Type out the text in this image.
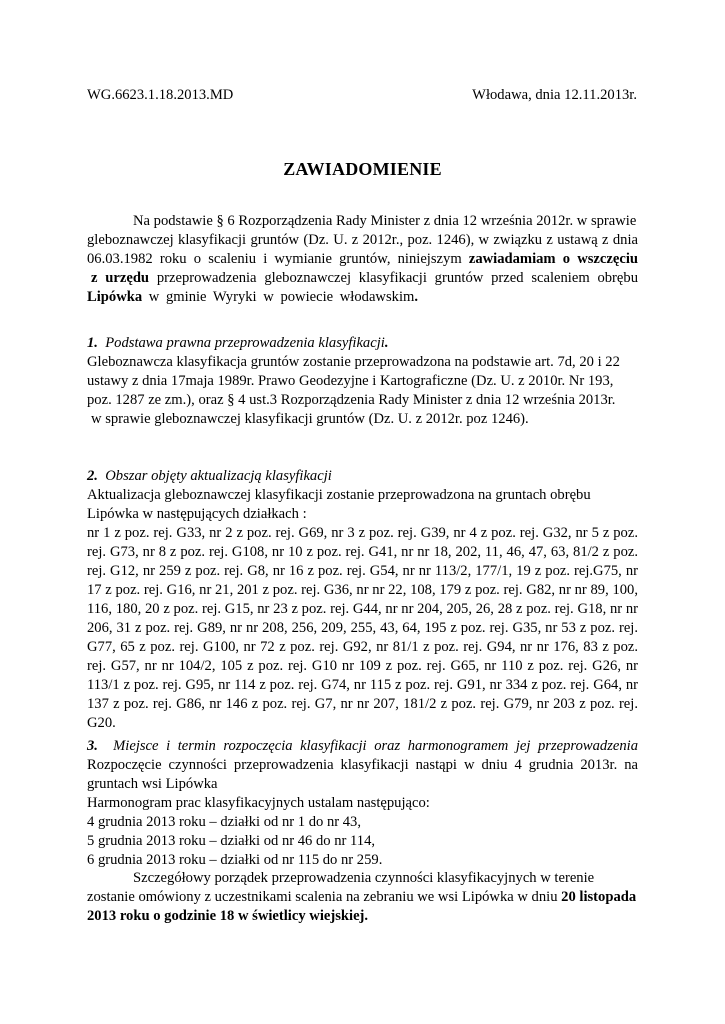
WG.6623.1.18.2013.MD	Włodawa, dnia 12.11.2013r.
ZAWIADOMIENIE
Na podstawie § 6 Rozporządzenia Rady Minister z dnia 12 września 2012r. w sprawie
gleboznawczej klasyfikacji gruntów (Dz. U. z 2012r., poz. 1246), w związku z ustawą z dnia
06.03.1982 roku o scaleniu i wymianie gruntów, niniejszym zawiadamiam o wszczęciu
z urzędu przeprowadzenia gleboznawczej klasyfikacji gruntów przed scaleniem obrębu
Lipówka w gminie Wyryki w powiecie włodawskim.
1. Podstawa prawna przeprowadzenia klasyfikacji.
Gleboznawcza klasyfikacja gruntów zostanie przeprowadzona na podstawie art. 7d, 20 i 22
ustawy z dnia 17maja 1989r. Prawo Geodezyjne i Kartograficzne (Dz. U. z 2010r. Nr 193,
poz. 1287 ze zm.), oraz § 4 ust.3 Rozporządzenia Rady Minister z dnia 12 września 2013r.
w sprawie gleboznawczej klasyfikacji gruntów (Dz. U. z 2012r. poz 1246).
2. Obszar objęty aktualizacją klasyfikacji
Aktualizacja gleboznawczej klasyfikacji zostanie przeprowadzona na gruntach obrębu
Lipówka w następujących działkach :
nr 1 z poz. rej. G33, nr 2 z poz. rej. G69, nr 3 z poz. rej. G39, nr 4 z poz. rej. G32, nr 5 z poz.
rej. G73, nr 8 z poz. rej. G108, nr 10 z poz. rej. G41, nr nr 18, 202, 11, 46, 47, 63, 81/2 z poz.
rej. G12, nr 259 z poz. rej. G8, nr 16 z poz. rej. G54, nr nr 113/2, 177/1, 19 z poz. rej.G75, nr
17 z poz. rej. G16, nr 21, 201 z poz. rej. G36, nr nr 22, 108, 179 z poz. rej. G82, nr nr 89, 100,
116, 180, 20 z poz. rej. G15, nr 23 z poz. rej. G44, nr nr 204, 205, 26, 28 z poz. rej. G18, nr nr
206, 31 z poz. rej. G89, nr nr 208, 256, 209, 255, 43, 64, 195 z poz. rej. G35, nr 53 z poz. rej.
G77, 65 z poz. rej. G100, nr 72 z poz. rej. G92, nr 81/1 z poz. rej. G94, nr nr 176, 83 z poz.
rej. G57, nr nr 104/2, 105 z poz. rej. G10 nr 109 z poz. rej. G65, nr 110 z poz. rej. G26, nr
113/1 z poz. rej. G95, nr 114 z poz. rej. G74, nr 115 z poz. rej. G91, nr 334 z poz. rej. G64, nr
137 z poz. rej. G86, nr 146 z poz. rej. G7, nr nr 207, 181/2 z poz. rej. G79, nr 203 z poz. rej.
G20.
3. Miejsce i termin rozpoczęcia klasyfikacji oraz harmonogramem jej przeprowadzenia
Rozpoczęcie czynności przeprowadzenia klasyfikacji nastąpi w dniu 4 grudnia 2013r. na
gruntach wsi Lipówka
Harmonogram prac klasyfikacyjnych ustalam następująco:
4 grudnia 2013 roku – działki od nr 1 do nr 43,
5 grudnia 2013 roku – działki od nr 46 do nr 114,
6 grudnia 2013 roku – działki od nr 115 do nr 259.
Szczegółowy porządek przeprowadzenia czynności klasyfikacyjnych w terenie
zostanie omówiony z uczestnikami scalenia na zebraniu we wsi Lipówka w dniu 20 listopada
2013 roku o godzinie 18 w świetlicy wiejskiej.
